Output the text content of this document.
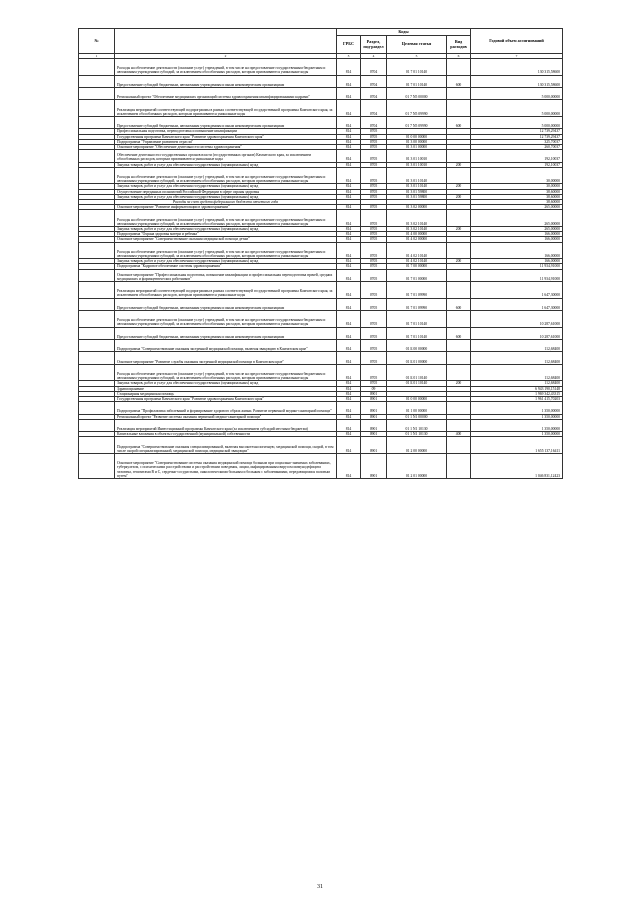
№		Коды				Годовой объем ассигнований
		ГРБС	Раздел, под-раздел	Целевая статья	Вид расходов	
1	2	3	4	5	6	7
	Расходы на обеспечение деятельности (оказание услуг) учреждений, в том числе на предоставление государственным бюджетным и автономным учреждениям субсидий, за исключением обособленных расходов, которым присваиваются уникальные коды	814	0704	01 7 01 10140		130 315,58600
	Предоставление субсидий бюджетным, автономным учреждениям и иным некоммерческим организациям	814	0704	01 7 01 10140	600	130 315,58600
	Региональный проект "Обеспечение медицинских организаций системы здравоохранения квалифицированными кадрами"	814	0704	01 7 N5 00000		5 000,00000
	Реализация мероприятий соответствующей подпрограммы в рамках соответствующей государственной программы Камчатского края, за исключением обособленных расходов, которым присваиваются уникальные коды	814	0704	01 7 N5 09990		5 000,00000
	Предоставление субсидий бюджетным, автономным учреждениям и иным некоммерческим организациям	814	0704	01 7 N5 09990	600	5 000,00000
	Профессиональная подготовка, переподготовка и повышение квалификации	814	0705			12 739,29437
	Государственная программа Камчатского края "Развитие здравоохранения Камчатского края"	814	0705	01 0 00 00000		12 739,29437
	Подпрограмма "Управление развитием отрасли"	814	0705	01 3 00 00000		325,70037
	Основное мероприятие "Обеспечение деятельности системы здравоохранения"	814	0705	01 3 01 00000		260,70037
	Обеспечение деятельности государственных органов власти (государственных органов) Камчатского края, за исключением обособленных расходов, которым присваиваются уникальные коды	814	0705	01 3 01 10010		192,10037
	Закупка товаров, работ и услуг для обеспечения государственных (муниципальных) нужд	814	0705	01 3 01 10010	200	192,10037
	Расходы на обеспечение деятельности (оказание услуг) учреждений, в том числе на предоставление государственным бюджетным и автономным учреждениям субсидий, за исключением обособленных расходов, которым присваиваются уникальные коды	814	0705	01 3 01 10140		30,00000
	Закупка товаров, работ и услуг для обеспечения государственных (муниципальных) нужд	814	0705	01 3 01 10140	200	30,00000
	Осуществление переданных полномочий Российской Федерации в сфере охраны здоровья	814	0705	01 3 01 59800		38,60000
	Закупка товаров, работ и услуг для обеспечения государственных (муниципальных) нужд	814	0705	01 3 01 59800	200	38,60000
	Расходы за счет средств федерального бюджета отчетного года					38,60000
	Основное мероприятие "Развитие информатизации в здравоохранении"	814	0705	01 3 02 00000		265,00000
	Расходы на обеспечение деятельности (оказание услуг) учреждений, в том числе на предоставление государственным бюджетным и автономным учреждениям субсидий, за исключением обособленных расходов, которым присваиваются уникальные коды	814	0705	01 3 02 10140		265,00000
	Закупка товаров, работ и услуг для обеспечения государственных (муниципальных) нужд	814	0705	01 3 02 10140	200	265,00000
	Подпрограмма "Охрана здоровья матери и ребенка"	814	0705	01 4 00 00000		166,00000
	Основное мероприятие "Совершенствование оказания медицинской помощи детям"	814	0705	01 4 02 00000		166,00000
	Расходы на обеспечение деятельности (оказание услуг) учреждений, в том числе на предоставление государственным бюджетным и автономным учреждениям субсидий, за исключением обособленных расходов, которым присваиваются уникальные коды	814	0705	01 4 02 10140		166,00000
	Закупка товаров, работ и услуг для обеспечения государственных (муниципальных) нужд	814	0705	01 4 02 10140	200	166,00000
	Подпрограмма "Кадровое обеспечение системы здравоохранения"	814	0705	01 7 00 00000		11 934,91000
	Основное мероприятие "Профессиональная подготовка, повышение квалификации и профессиональная переподготовка врачей, средних медицинских и фармацевтических работников"	814	0705	01 7 01 00000		11 934,91000
	Реализация мероприятий соответствующей подпрограммы в рамках соответствующей государственной программы Камчатского края, за исключением обособленных расходов, которым присваиваются уникальные коды	814	0705	01 7 01 09990		1 647,30000
	Предоставление субсидий бюджетным, автономным учреждениям и иным некоммерческим организациям	814	0705	01 7 01 09990	600	1 647,30000
	Расходы на обеспечение деятельности (оказание услуг) учреждений, в том числе на предоставление государственным бюджетным и автономным учреждениям субсидий, за исключением обособленных расходов, которым присваиваются уникальные коды	814	0705	01 7 01 10140		10 287,61000
	Предоставление субсидий бюджетным, автономным учреждениям и иным некоммерческим организациям	814	0705	01 7 01 10140	600	10 287,61000
	Подпрограмма "Совершенствование оказания экстренной медицинской помощи, включая эвакуацию в Камчатском крае"	814	0705	01 Б 00 00000		112,68400
	Основное мероприятие "Развитие службы оказания экстренной медицинской помощи в Камчатском крае"	814	0705	01 Б 01 00000		112,68400
	Расходы на обеспечение деятельности (оказание услуг) учреждений, в том числе на предоставление государственным бюджетным и автономным учреждениям субсидий, за исключением обособленных расходов, которым присваиваются уникальные коды	814	0705	01 Б 01 10140		112,68400
	Закупка товаров, работ и услуг для обеспечения государственных (муниципальных) нужд	814	0705	01 Б 01 10140	200	112,68400
	Здравоохранение	814	09			6 943 190,15148
	Стационарная медицинская помощь	814	0901			1 969 342,43315
	Государственная программа Камчатского края "Развитие здравоохранения Камчатского края"	814	0901	01 0 00 00000		1 961 415,70203
	Подпрограмма "Профилактика заболеваний и формирование здорового образа жизни. Развитие первичной медико-санитарной помощи"	814	0901	01 1 00 00000		1 350,00000
	Региональный проект "Развитие системы оказания первичной медико-санитарной помощи"	814	0901	01 1 N1 00000		1 350,00000
	Реализация мероприятий Инвестиционной программы Камчатского края (за исключением субсидий местным бюджетам)	814	0901	01 1 N1 10130		1 350,00000
	Капитальные вложения в объекты государственной (муниципальной) собственности	814	0901	01 1 N1 10130	400	1 350,00000
	Подпрограмма "Совершенствование оказания специализированной, включая высокотехнологичную, медицинской помощи, скорой, в том числе скорой специализированной, медицинской помощи, медицинской эвакуации"	814	0901	01 2 00 00000		1 655 137,16411
	Основное мероприятие "Совершенствование системы оказания медицинской помощи больным при социально-значимых заболеваниях, туберкулезом, с психическими расстройствами и расстройствами поведения, лицам, инфицированным вирусом иммунодефицита человека, гепатитами B и C, сердечно-сосудистыми, онкологическими больным и больным с заболеваниями, передающимися половым путем"	814	0901	01 2 01 00000		1 046 831,12423
31
